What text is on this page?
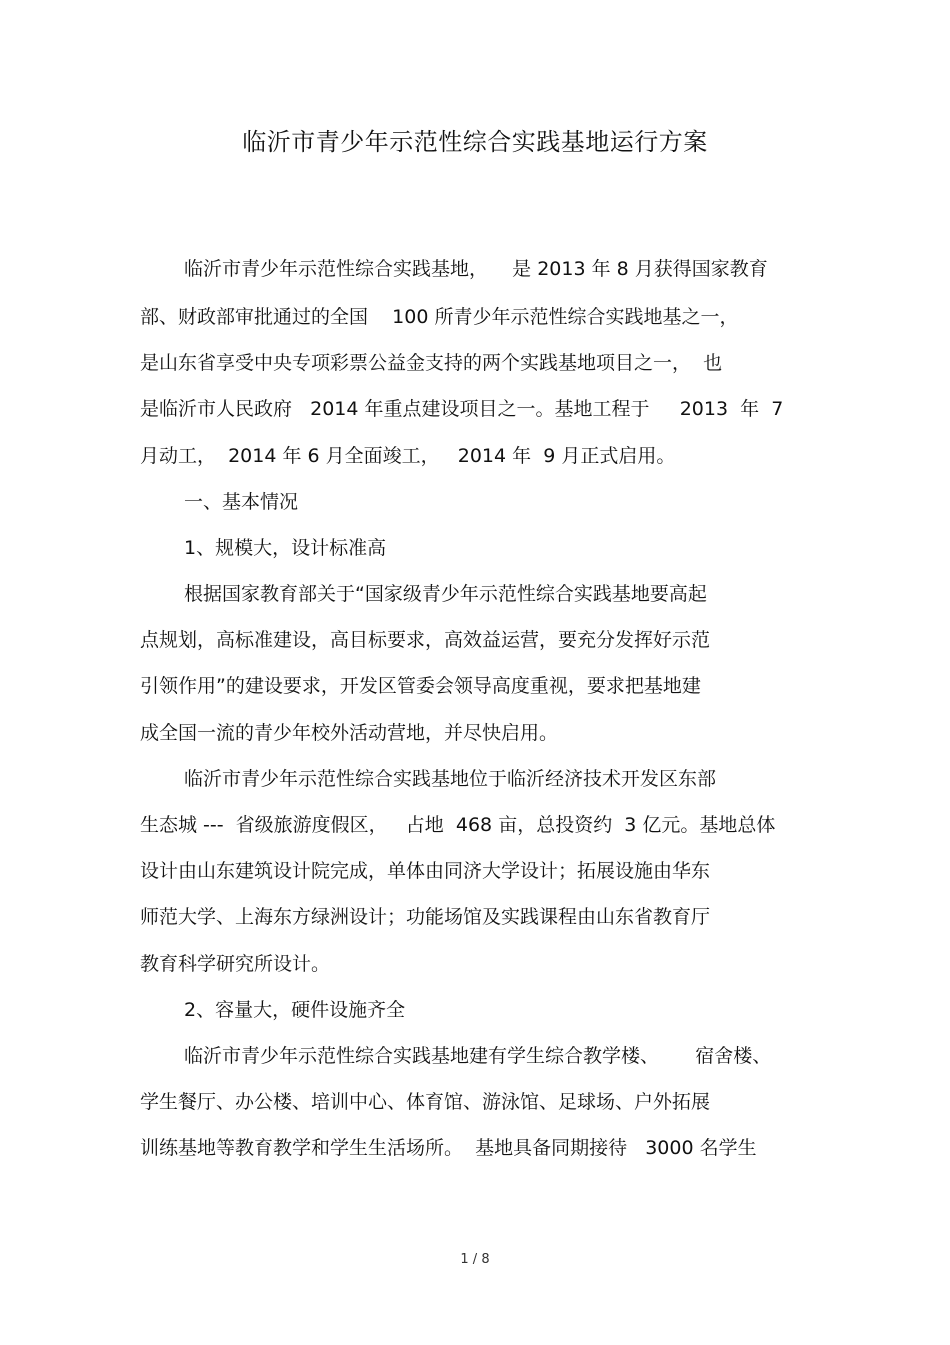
临沂市青少年示范性综合实践基地运行方案

临沂市青少年示范性综合实践基地，    是 2013 年 8 月获得国家教育

部、财政部审批通过的全国    100 所青少年示范性综合实践地基之一，

是山东省享受中央专项彩票公益金支持的两个实践基地项目之一，  也

是临沂市人民政府   2014 年重点建设项目之一。基地工程于     2013  年  7

月动工，  2014 年 6 月全面竣工，   2014 年  9 月正式启用。

一、基本情况

1、规模大，设计标准高

根据国家教育部关于“国家级青少年示范性综合实践基地要高起

点规划，高标准建设，高目标要求，高效益运营，要充分发挥好示范

引领作用”的建设要求，开发区管委会领导高度重视，要求把基地建

成全国一流的青少年校外活动营地，并尽快启用。

临沂市青少年示范性综合实践基地位于临沂经济技术开发区东部

生态城 ---  省级旅游度假区，   占地  468 亩，总投资约  3 亿元。基地总体

设计由山东建筑设计院完成，单体由同济大学设计；拓展设施由华东

师范大学、上海东方绿洲设计；功能场馆及实践课程由山东省教育厅

教育科学研究所设计。

2、容量大，硬件设施齐全

临沂市青少年示范性综合实践基地建有学生综合教学楼、      宿舍楼、

学生餐厅、办公楼、培训中心、体育馆、游泳馆、足球场、户外拓展

训练基地等教育教学和学生生活场所。  基地具备同期接待   3000 名学生

1 / 8
